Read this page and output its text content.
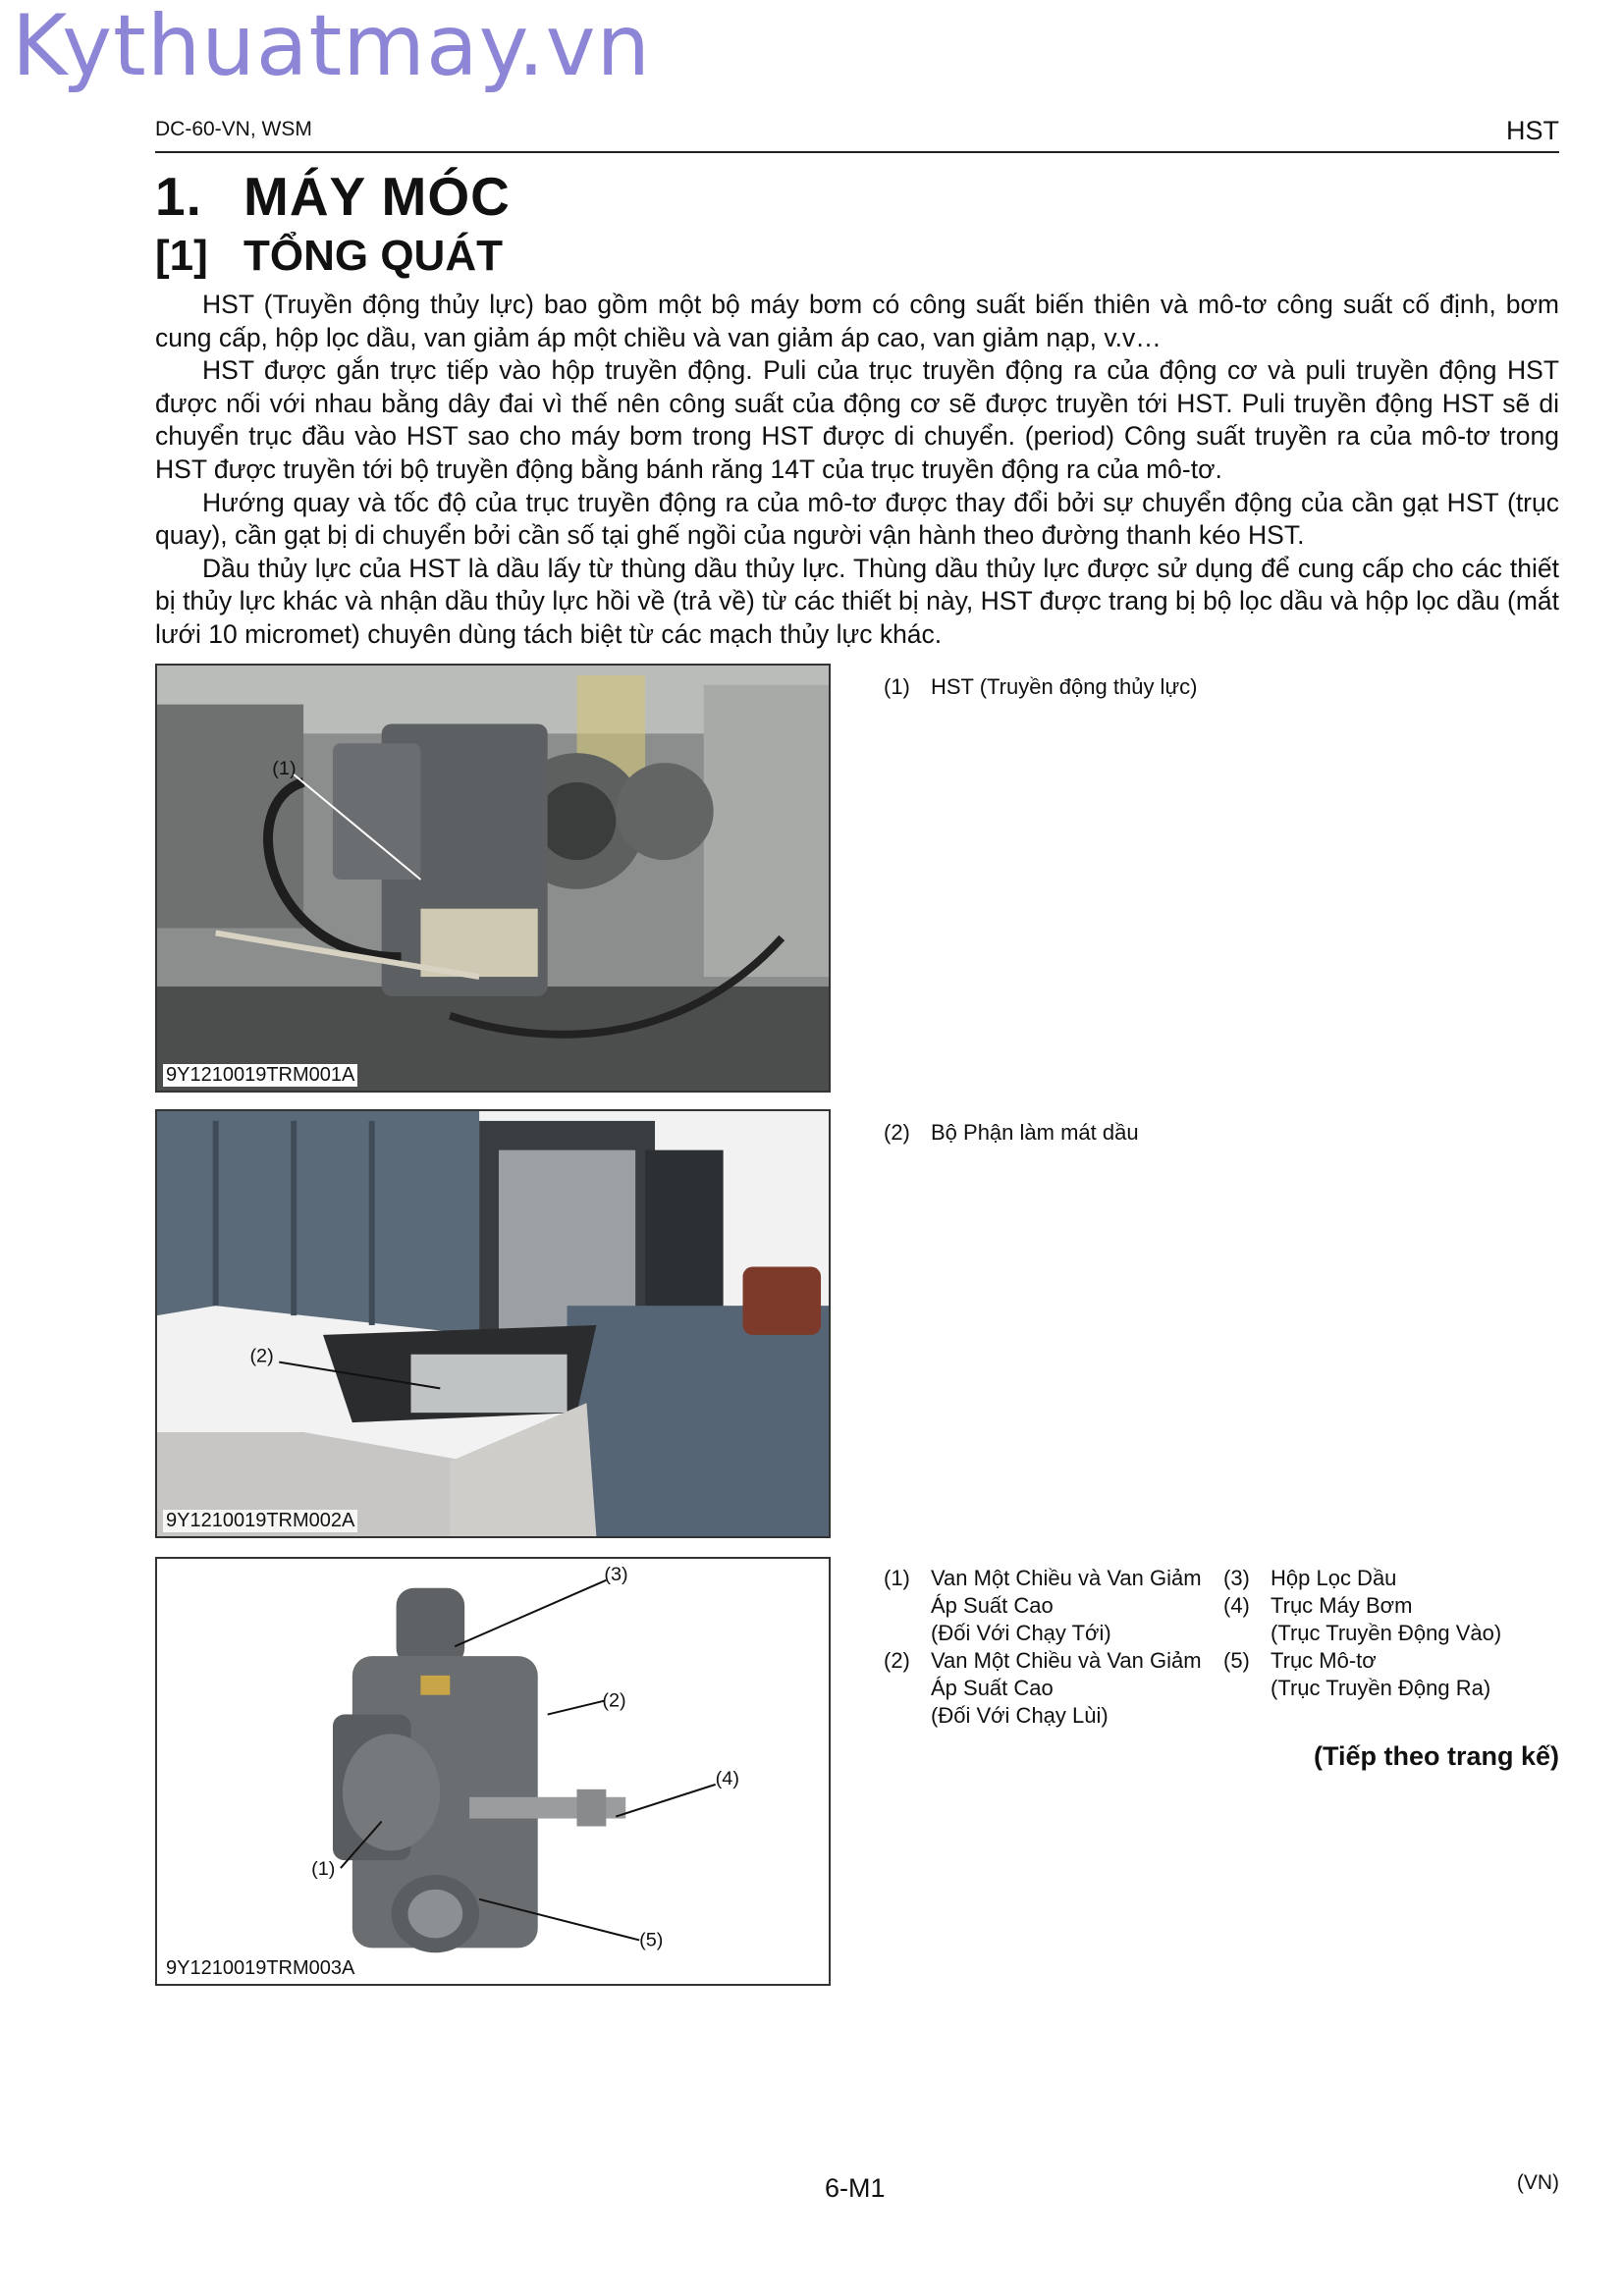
Kythuatmay.vn
DC-60-VN, WSM	HST
1. MÁY MÓC
[1] TỔNG QUÁT

HST (Truyền động thủy lực) bao gồm một bộ máy bơm có công suất biến thiên và mô-tơ công suất cố định, bơm cung cấp, hộp lọc dầu, van giảm áp một chiều và van giảm áp cao, van giảm nạp, v.v…

HST được gắn trực tiếp vào hộp truyền động. Puli của trục truyền động ra của động cơ và puli truyền động HST được nối với nhau bằng dây đai vì thế nên công suất của động cơ sẽ được truyền tới HST. Puli truyền động HST sẽ di chuyển trục đầu vào HST sao cho máy bơm trong HST được di chuyển. (period) Công suất truyền ra của mô-tơ trong HST được truyền tới bộ truyền động bằng bánh răng 14T của trục truyền động ra của mô-tơ.

Hướng quay và tốc độ của trục truyền động ra của mô-tơ được thay đổi bởi sự chuyển động của cần gạt HST (trục quay), cần gạt bị di chuyển bởi cần số tại ghế ngồi của người vận hành theo đường thanh kéo HST.

Dầu thủy lực của HST là dầu lấy từ thùng dầu thủy lực. Thùng dầu thủy lực được sử dụng để cung cấp cho các thiết bị thủy lực khác và nhận dầu thủy lực hồi về (trả về) từ các thiết bị này, HST được trang bị bộ lọc dầu và hộp lọc dầu (mắt lưới 10 micromet) chuyên dùng tách biệt từ các mạch thủy lực khác.

(1)
9Y1210019TRM001A
(1) HST (Truyền động thủy lực)
(2)
9Y1210019TRM002A
(2) Bộ Phận làm mát dầu
(3)
(2)
(4)
(1)
(5)
9Y1210019TRM003A
(1) Van Một Chiều và Van Giảm
Áp Suất Cao
(Đối Với Chạy Tới)
(2) Van Một Chiều và Van Giảm
Áp Suất Cao
(Đối Với Chạy Lùi)
(3) Hộp Lọc Dầu
(4) Trục Máy Bơm
(Trục Truyền Động Vào)
(5) Trục Mô-tơ
(Trục Truyền Động Ra)
(Tiếp theo trang kế)
6-M1	(VN)
